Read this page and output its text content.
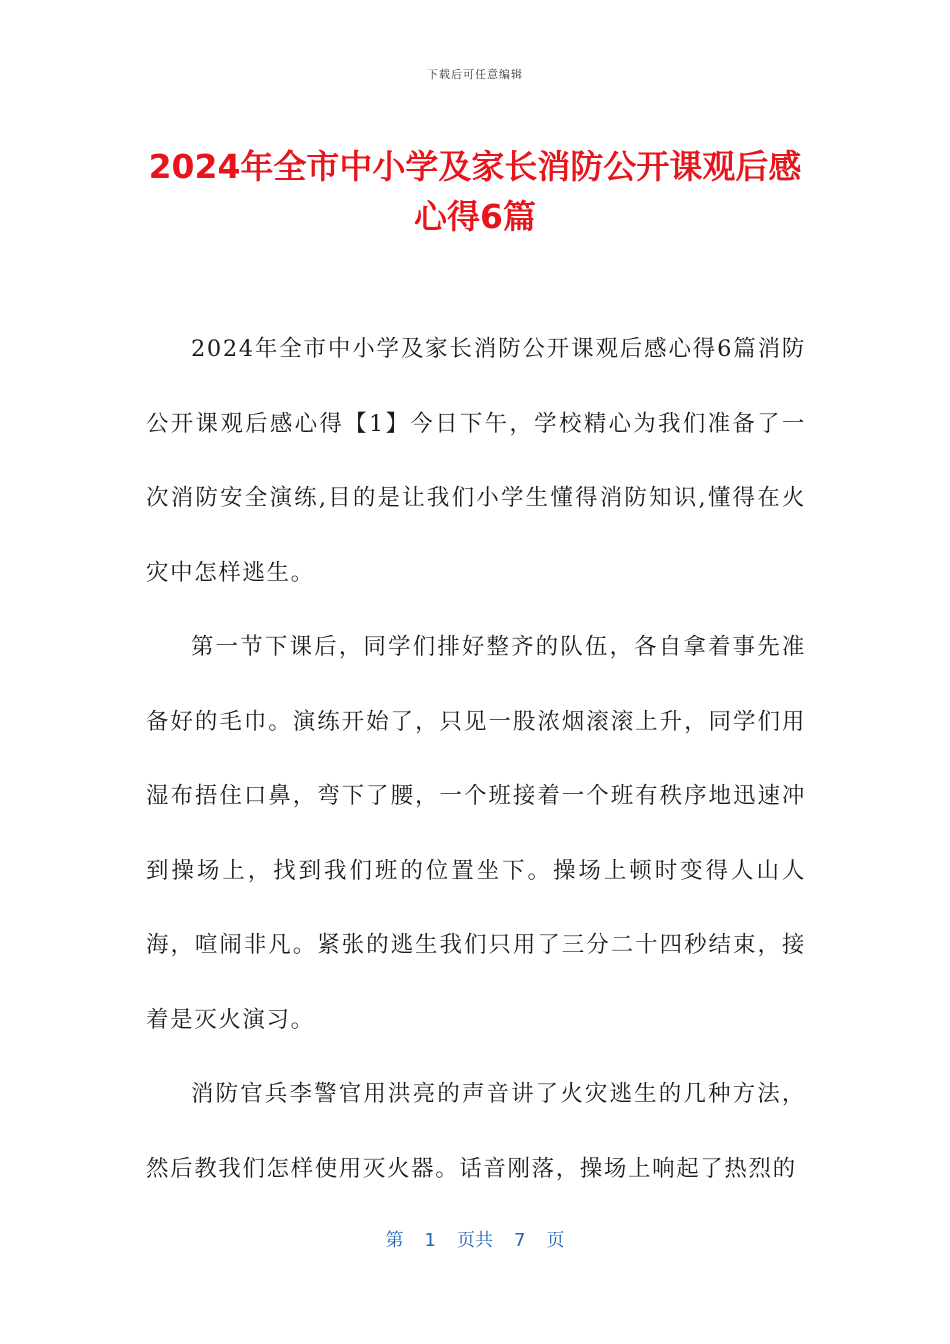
下载后可任意编辑
2024年全市中小学及家长消防公开课观后感
心得6篇

2024年全市中小学及家长消防公开课观后感心得6篇消防公开课观后感心得【1】今日下午，学校精心为我们准备了一次消防安全演练,目的是让我们小学生懂得消防知识,懂得在火灾中怎样逃生。

第一节下课后，同学们排好整齐的队伍，各自拿着事先准备好的毛巾。演练开始了，只见一股浓烟滚滚上升，同学们用湿布捂住口鼻，弯下了腰，一个班接着一个班有秩序地迅速冲到操场上，找到我们班的位置坐下。操场上顿时变得人山人海，喧闹非凡。紧张的逃生我们只用了三分二十四秒结束，接着是灭火演习。

消防官兵李警官用洪亮的声音讲了火灾逃生的几种方法，然后教我们怎样使用灭火器。话音刚落，操场上响起了热烈的

第 1 页共 7 页
